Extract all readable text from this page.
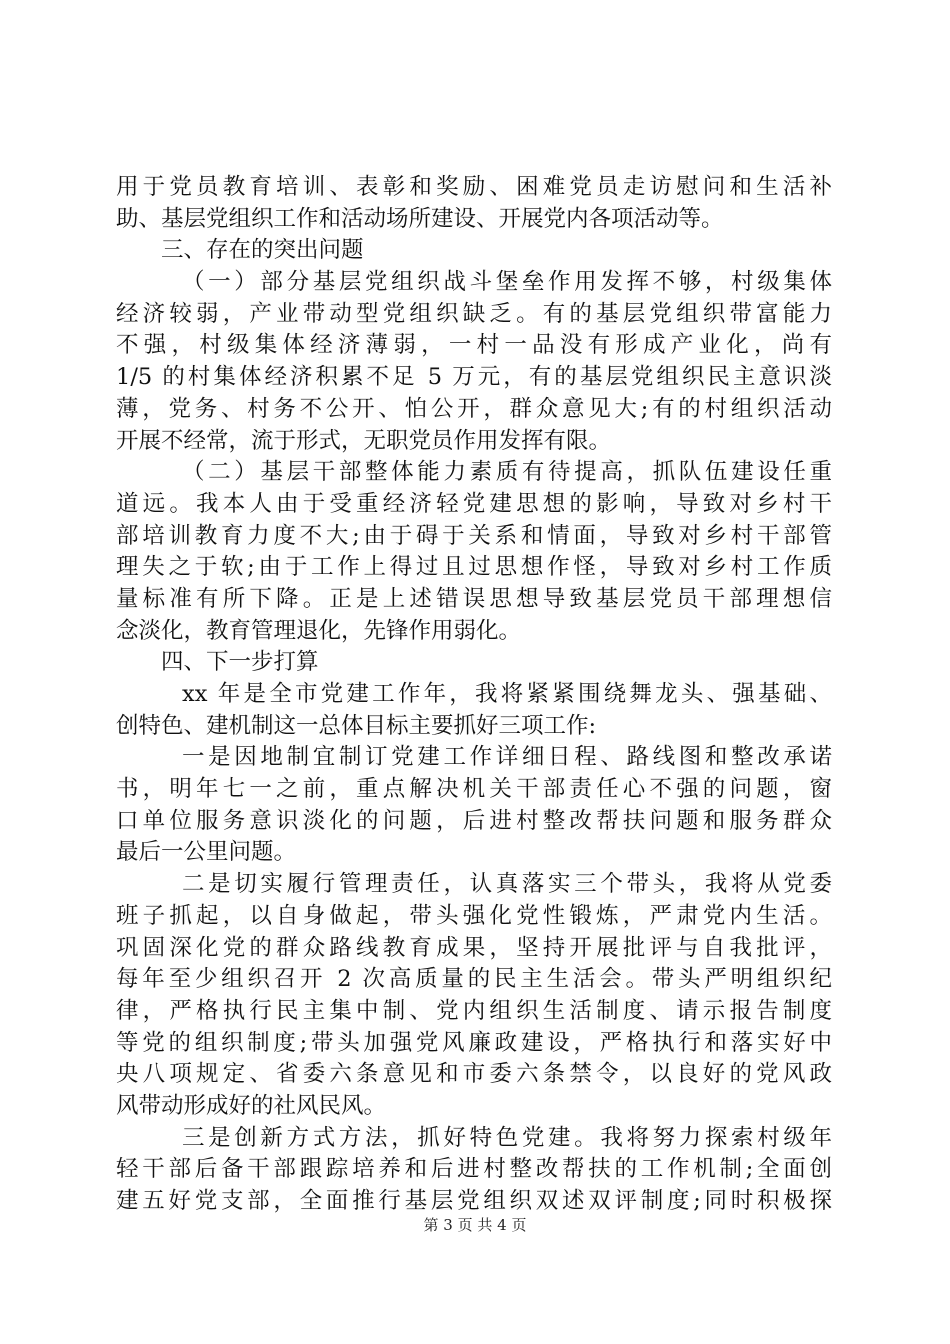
用于党员教育培训、表彰和奖励、困难党员走访慰问和生活补
助、基层党组织工作和活动场所建设、开展党内各项活动等。
三、存在的突出问题
（一）部分基层党组织战斗堡垒作用发挥不够，村级集体
经济较弱，产业带动型党组织缺乏。有的基层党组织带富能力
不强，村级集体经济薄弱，一村一品没有形成产业化，尚有
1/5 的村集体经济积累不足 5 万元，有的基层党组织民主意识淡
薄，党务、村务不公开、怕公开，群众意见大;有的村组织活动
开展不经常，流于形式，无职党员作用发挥有限。
（二）基层干部整体能力素质有待提高，抓队伍建设任重
道远。我本人由于受重经济轻党建思想的影响，导致对乡村干
部培训教育力度不大;由于碍于关系和情面，导致对乡村干部管
理失之于软;由于工作上得过且过思想作怪，导致对乡村工作质
量标准有所下降。正是上述错误思想导致基层党员干部理想信
念淡化，教育管理退化，先锋作用弱化。
四、下一步打算
xx 年是全市党建工作年，我将紧紧围绕舞龙头、强基础、
创特色、建机制这一总体目标主要抓好三项工作:
一是因地制宜制订党建工作详细日程、路线图和整改承诺
书，明年七一之前，重点解决机关干部责任心不强的问题，窗
口单位服务意识淡化的问题，后进村整改帮扶问题和服务群众
最后一公里问题。
二是切实履行管理责任，认真落实三个带头，我将从党委
班子抓起，以自身做起，带头强化党性锻炼，严肃党内生活。
巩固深化党的群众路线教育成果，坚持开展批评与自我批评，
每年至少组织召开 2 次高质量的民主生活会。带头严明组织纪
律，严格执行民主集中制、党内组织生活制度、请示报告制度
等党的组织制度;带头加强党风廉政建设，严格执行和落实好中
央八项规定、省委六条意见和市委六条禁令，以良好的党风政
风带动形成好的社风民风。
三是创新方式方法，抓好特色党建。我将努力探索村级年
轻干部后备干部跟踪培养和后进村整改帮扶的工作机制;全面创
建五好党支部，全面推行基层党组织双述双评制度;同时积极探
第 3 页 共 4 页
